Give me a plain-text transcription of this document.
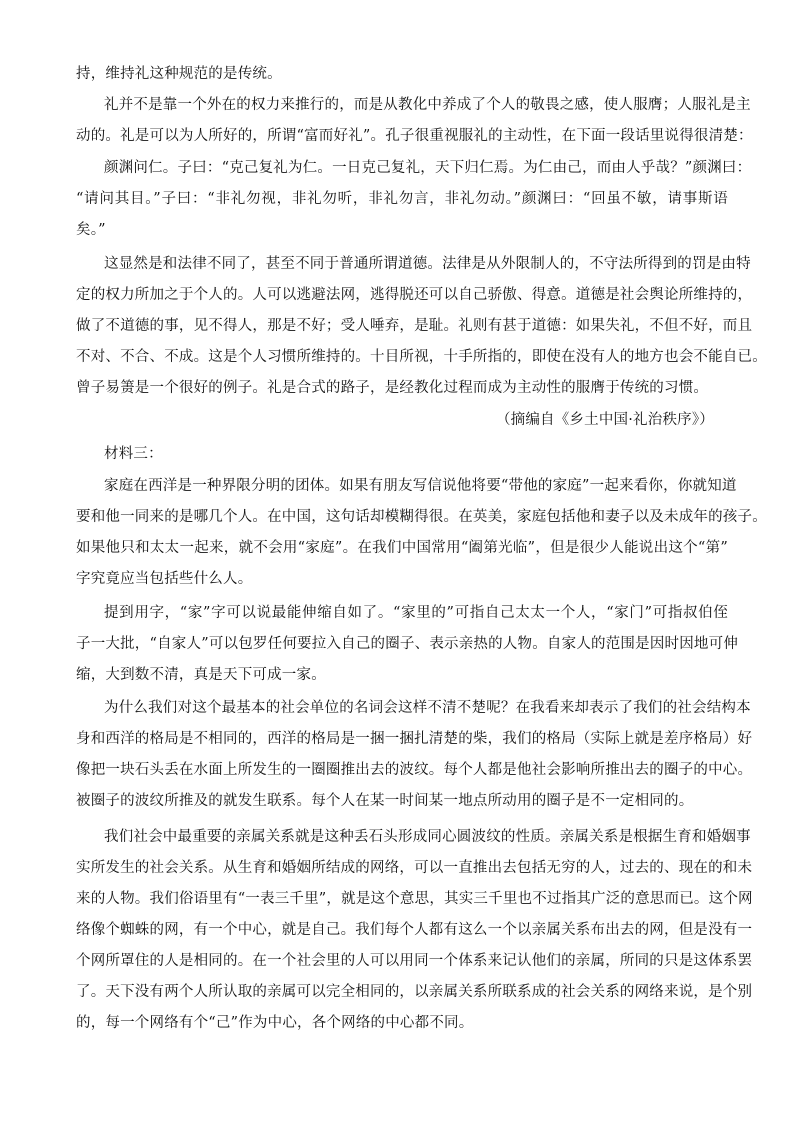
持，维持礼这种规范的是传统。
礼并不是靠一个外在的权力来推行的，而是从教化中养成了个人的敬畏之感，使人服膺；人服礼是主
动的。礼是可以为人所好的，所谓“富而好礼”。孔子很重视服礼的主动性，在下面一段话里说得很清楚：
颜渊问仁。子曰：“克己复礼为仁。一日克己复礼，天下归仁焉。为仁由己，而由人乎哉？”颜渊曰：
“请问其目。”子曰：“非礼勿视，非礼勿听，非礼勿言，非礼勿动。”颜渊曰：“回虽不敏，请事斯语
矣。”
这显然是和法律不同了，甚至不同于普通所谓道德。法律是从外限制人的，不守法所得到的罚是由特
定的权力所加之于个人的。人可以逃避法网，逃得脱还可以自己骄傲、得意。道德是社会舆论所维持的，
做了不道德的事，见不得人，那是不好；受人唾弃，是耻。礼则有甚于道德：如果失礼，不但不好，而且
不对、不合、不成。这是个人习惯所维持的。十目所视，十手所指的，即使在没有人的地方也会不能自已。
曾子易箦是一个很好的例子。礼是合式的路子，是经教化过程而成为主动性的服膺于传统的习惯。
（摘编自《乡土中国·礼治秩序》）
材料三：
家庭在西洋是一种界限分明的团体。如果有朋友写信说他将要“带他的家庭”一起来看你，你就知道
要和他一同来的是哪几个人。在中国，这句话却模糊得很。在英美，家庭包括他和妻子以及未成年的孩子。
如果他只和太太一起来，就不会用“家庭”。在我们中国常用“阖第光临”，但是很少人能说出这个“第”
字究竟应当包括些什么人。
提到用字，“家”字可以说最能伸缩自如了。“家里的”可指自己太太一个人，“家门”可指叔伯侄
子一大批，“自家人”可以包罗任何要拉入自己的圈子、表示亲热的人物。自家人的范围是因时因地可伸
缩，大到数不清，真是天下可成一家。
为什么我们对这个最基本的社会单位的名词会这样不清不楚呢？在我看来却表示了我们的社会结构本
身和西洋的格局是不相同的，西洋的格局是一捆一捆扎清楚的柴，我们的格局（实际上就是差序格局）好
像把一块石头丢在水面上所发生的一圈圈推出去的波纹。每个人都是他社会影响所推出去的圈子的中心。
被圈子的波纹所推及的就发生联系。每个人在某一时间某一地点所动用的圈子是不一定相同的。
我们社会中最重要的亲属关系就是这种丢石头形成同心圆波纹的性质。亲属关系是根据生育和婚姻事
实所发生的社会关系。从生育和婚姻所结成的网络，可以一直推出去包括无穷的人，过去的、现在的和未
来的人物。我们俗语里有“一表三千里”，就是这个意思，其实三千里也不过指其广泛的意思而已。这个网
络像个蜘蛛的网，有一个中心，就是自己。我们每个人都有这么一个以亲属关系布出去的网，但是没有一
个网所罩住的人是相同的。在一个社会里的人可以用同一个体系来记认他们的亲属，所同的只是这体系罢
了。天下没有两个人所认取的亲属可以完全相同的，以亲属关系所联系成的社会关系的网络来说，是个别
的，每一个网络有个“己”作为中心，各个网络的中心都不同。
